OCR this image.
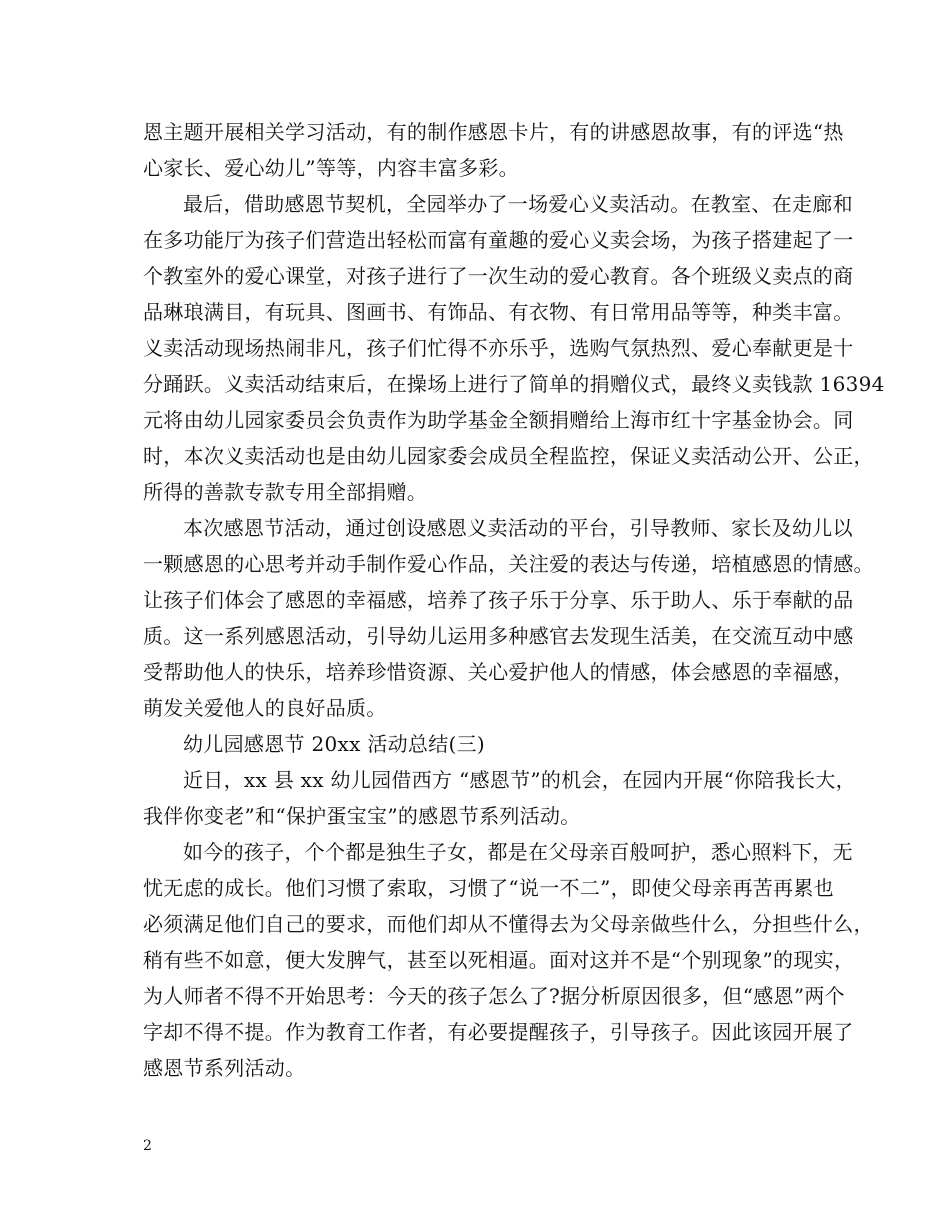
恩主题开展相关学习活动，有的制作感恩卡片，有的讲感恩故事，有的评选“热
心家长、爱心幼儿”等等，内容丰富多彩。
最后，借助感恩节契机，全园举办了一场爱心义卖活动。在教室、在走廊和
在多功能厅为孩子们营造出轻松而富有童趣的爱心义卖会场，为孩子搭建起了一
个教室外的爱心课堂，对孩子进行了一次生动的爱心教育。各个班级义卖点的商
品琳琅满目，有玩具、图画书、有饰品、有衣物、有日常用品等等，种类丰富。
义卖活动现场热闹非凡，孩子们忙得不亦乐乎，选购气氛热烈、爱心奉献更是十
分踊跃。义卖活动结束后，在操场上进行了简单的捐赠仪式，最终义卖钱款 16394
元将由幼儿园家委员会负责作为助学基金全额捐赠给上海市红十字基金协会。同
时，本次义卖活动也是由幼儿园家委会成员全程监控，保证义卖活动公开、公正，
所得的善款专款专用全部捐赠。
本次感恩节活动，通过创设感恩义卖活动的平台，引导教师、家长及幼儿以
一颗感恩的心思考并动手制作爱心作品，关注爱的表达与传递，培植感恩的情感。
让孩子们体会了感恩的幸福感，培养了孩子乐于分享、乐于助人、乐于奉献的品
质。这一系列感恩活动，引导幼儿运用多种感官去发现生活美，在交流互动中感
受帮助他人的快乐，培养珍惜资源、关心爱护他人的情感，体会感恩的幸福感，
萌发关爱他人的良好品质。
幼儿园感恩节 20xx 活动总结(三)
近日，xx 县 xx 幼儿园借西方 “感恩节”的机会，在园内开展“你陪我长大，
我伴你变老”和“保护蛋宝宝”的感恩节系列活动。
如今的孩子，个个都是独生子女，都是在父母亲百般呵护，悉心照料下，无
忧无虑的成长。他们习惯了索取，习惯了“说一不二”，即使父母亲再苦再累也
必须满足他们自己的要求，而他们却从不懂得去为父母亲做些什么，分担些什么，
稍有些不如意，便大发脾气，甚至以死相逼。面对这并不是“个别现象”的现实，
为人师者不得不开始思考：今天的孩子怎么了?据分析原因很多，但“感恩”两个
字却不得不提。作为教育工作者，有必要提醒孩子，引导孩子。因此该园开展了
感恩节系列活动。
2
